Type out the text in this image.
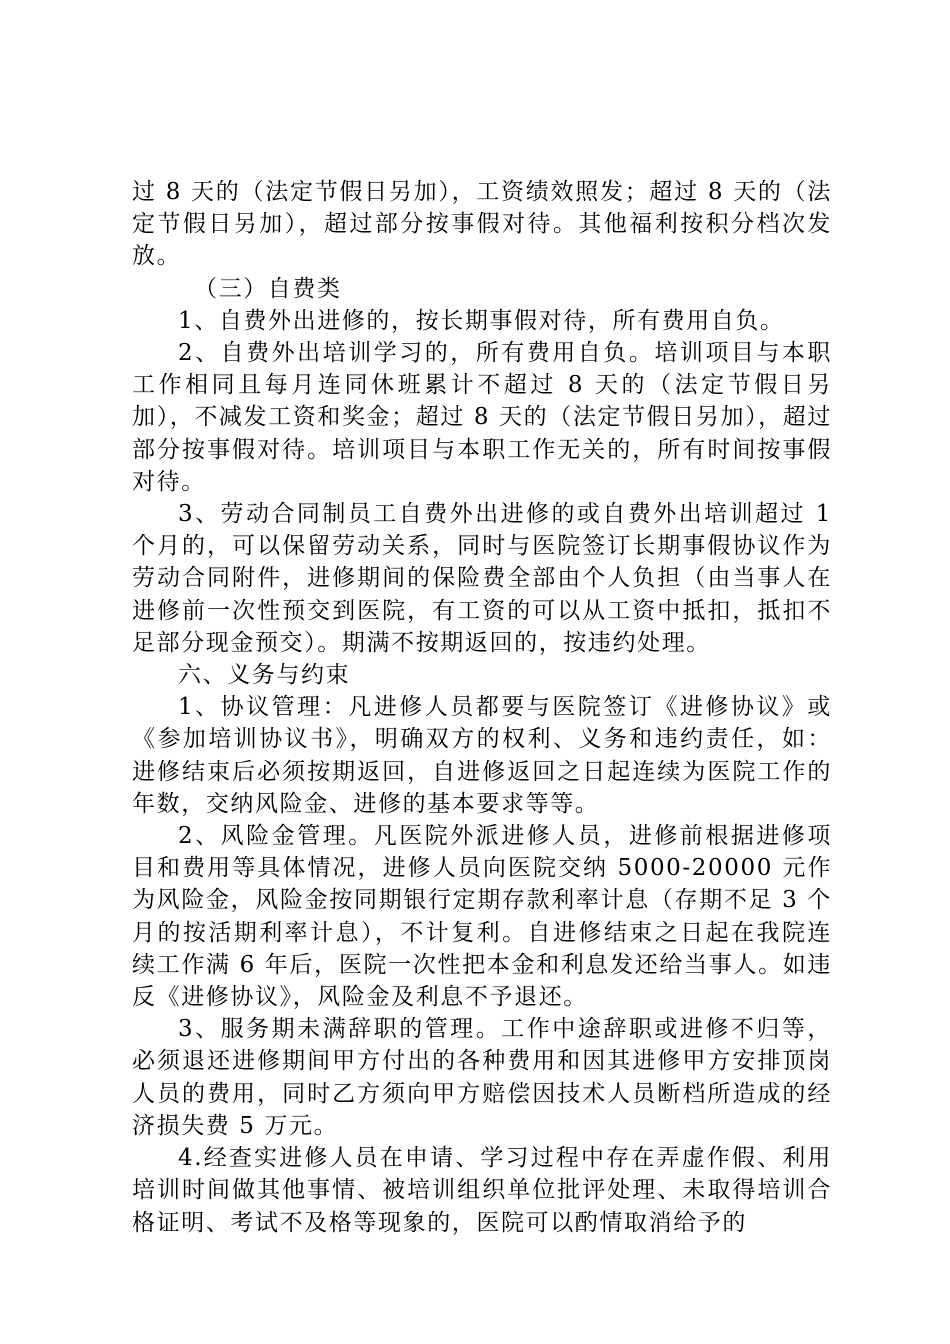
过 8 天的（法定节假日另加），工资绩效照发；超过 8 天的（法定节假日另加），超过部分按事假对待。其他福利按积分档次发放。

（三）自费类

1、自费外出进修的，按长期事假对待，所有费用自负。

2、自费外出培训学习的，所有费用自负。培训项目与本职工作相同且每月连同休班累计不超过 8 天的（法定节假日另加），不减发工资和奖金；超过 8 天的（法定节假日另加），超过部分按事假对待。培训项目与本职工作无关的，所有时间按事假对待。

3、劳动合同制员工自费外出进修的或自费外出培训超过 1 个月的，可以保留劳动关系，同时与医院签订长期事假协议作为劳动合同附件，进修期间的保险费全部由个人负担（由当事人在进修前一次性预交到医院，有工资的可以从工资中抵扣，抵扣不足部分现金预交）。期满不按期返回的，按违约处理。

六、义务与约束

1、协议管理：凡进修人员都要与医院签订《进修协议》或《参加培训协议书》，明确双方的权利、义务和违约责任，如：进修结束后必须按期返回，自进修返回之日起连续为医院工作的年数，交纳风险金、进修的基本要求等等。

2、风险金管理。凡医院外派进修人员，进修前根据进修项目和费用等具体情况，进修人员向医院交纳 5000-20000 元作为风险金，风险金按同期银行定期存款利率计息（存期不足 3 个月的按活期利率计息），不计复利。自进修结束之日起在我院连续工作满 6 年后，医院一次性把本金和利息发还给当事人。如违反《进修协议》，风险金及利息不予退还。

3、服务期未满辞职的管理。工作中途辞职或进修不归等，必须退还进修期间甲方付出的各种费用和因其进修甲方安排顶岗人员的费用，同时乙方须向甲方赔偿因技术人员断档所造成的经济损失费 5 万元。

4.经查实进修人员在申请、学习过程中存在弄虚作假、利用培训时间做其他事情、被培训组织单位批评处理、未取得培训合格证明、考试不及格等现象的，医院可以酌情取消给予的
